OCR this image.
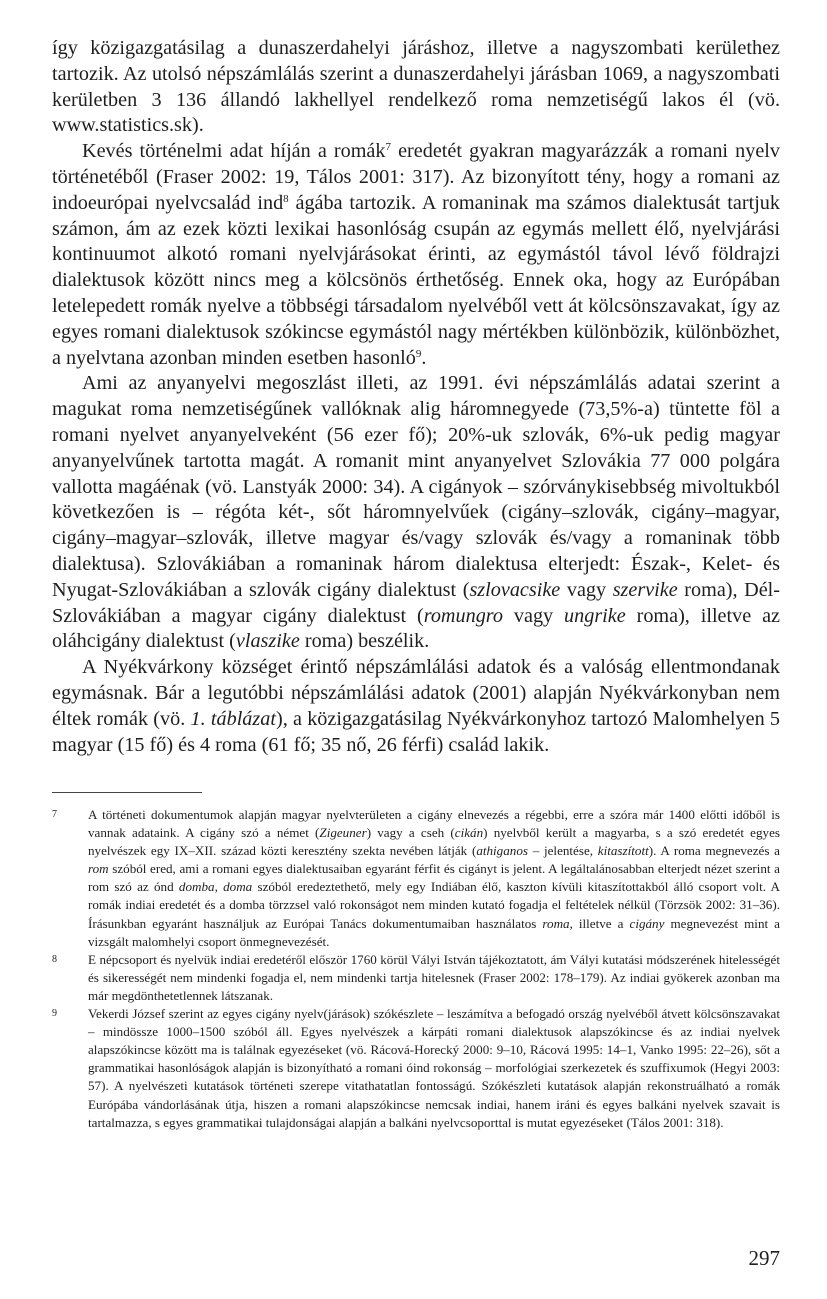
így közigazgatásilag a dunaszerdahelyi járáshoz, illetve a nagyszombati kerülethez tartozik. Az utolsó népszámlálás szerint a dunaszerdahelyi járásban 1069, a nagyszombati kerületben 3 136 állandó lakhellyel rendelkező roma nemzetiségű lakos él (vö. www.statistics.sk).

Kevés történelmi adat híján a romák$^7$ eredetét gyakran magyarázzák a romani nyelv történetéből (Fraser 2002: 19, Tálos 2001: 317). Az bizonyított tény, hogy a romani az indoeurópai nyelvcsalád ind$^8$ ágába tartozik. A romaninak ma számos dialektusát tartjuk számon, ám az ezek közti lexikai hasonlóság csupán az egymás mellett élő, nyelvjárási kontinuumot alkotó romani nyelvjárásokat érinti, az egymástól távol lévő földrajzi dialektusok között nincs meg a kölcsönös érthetőség. Ennek oka, hogy az Európában letelepedett romák nyelve a többségi társadalom nyelvéből vett át kölcsönszavakat, így az egyes romani dialektusok szókincse egymástól nagy mértékben különbözik, különbözhet, a nyelvtana azonban minden esetben hasonló$^9$.

Ami az anyanyelvi megoszlást illeti, az 1991. évi népszámlálás adatai szerint a magukat roma nemzetiségűnek vallóknak alig háromnegyede (73,5%-a) tüntette föl a romani nyelvet anyanyelveként (56 ezer fő); 20%-uk szlovák, 6%-uk pedig magyar anyanyelvűnek tartotta magát. A romanit mint anyanyelvet Szlovákia 77 000 polgára vallotta magáénak (vö. Lanstyák 2000: 34). A cigányok – szórványkisebbség mivoltukból következően is – régóta két-, sőt háromnyelvűek (cigány–szlovák, cigány–magyar, cigány–magyar–szlovák, illetve magyar és/vagy szlovák és/vagy a romaninak több dialektusa). Szlovákiában a romaninak három dialektusa elterjedt: Észak-, Kelet- és Nyugat-Szlovákiában a szlovák cigány dialektust (szlovacsike vagy szervike roma), Dél-Szlovákiában a magyar cigány dialektust (romungro vagy ungrike roma), illetve az oláhcigány dialektust (vlaszike roma) beszélik.

A Nyékvárkony községet érintő népszámlálási adatok és a valóság ellentmondanak egymásnak. Bár a legutóbbi népszámlálási adatok (2001) alapján Nyékvárkonyban nem éltek romák (vö. 1. táblázat), a közigazgatásilag Nyékvárkonyhoz tartozó Malomhelyen 5 magyar (15 fő) és 4 roma (61 fő; 35 nő, 26 férfi) család lakik.

7 A történeti dokumentumok alapján magyar nyelvterületen a cigány elnevezés a régebbi, erre a szóra már 1400 előtti időből is vannak adataink. A cigány szó a német (Zigeuner) vagy a cseh (cikán) nyelvből került a magyarba, s a szó eredetét egyes nyelvészek egy IX–XII. század közti keresztény szekta nevében látják (athiganos – jelentése, kitaszított). A roma megnevezés a rom szóból ered, ami a romani egyes dialektusaiban egyaránt férfit és cigányt is jelent. A legáltalánosabban elterjedt nézet szerint a rom szó az ónd domba, doma szóból eredeztethető, mely egy Indiában élő, kaszton kívüli kitaszítottakból álló csoport volt. A romák indiai eredetét és a domba törzzsel való rokonságot nem minden kutató fogadja el feltételek nélkül (Törzsök 2002: 31–36). Írásunkban egyaránt használjuk az Európai Tanács dokumentumaiban használatos roma, illetve a cigány megnevezést mint a vizsgált malomhelyi csoport önmegnevezését.

8 E népcsoport és nyelvük indiai eredetéről először 1760 körül Vályi István tájékoztatott, ám Vályi kutatási módszerének hitelességét és sikerességét nem mindenki fogadja el, nem mindenki tartja hitelesnek (Fraser 2002: 178–179). Az indiai gyökerek azonban ma már megdönthetetlennek látszanak.

9 Vekerdi József szerint az egyes cigány nyelv(járások) szókészlete – leszámítva a befogadó ország nyelvéből átvett kölcsönszavakat – mindössze 1000–1500 szóból áll. Egyes nyelvészek a kárpáti romani dialektusok alapszókincse és az indiai nyelvek alapszókincse között ma is találnak egyezéseket (vö. Rácová-Horecký 2000: 9–10, Rácová 1995: 14–1, Vanko 1995: 22–26), sőt a grammatikai hasonlóságok alapján is bizonyítható a romani óind rokonság – morfológiai szerkezetek és szuffixumok (Hegyi 2003: 57). A nyelvészeti kutatások történeti szerepe vitathatatlan fontosságú. Szókészleti kutatások alapján rekonstruálható a romák Európába vándorlásának útja, hiszen a romani alapszókincse nemcsak indiai, hanem iráni és egyes balkáni nyelvek szavait is tartalmazza, s egyes grammatikai tulajdonságai alapján a balkáni nyelvcsoporttal is mutat egyezéseket (Tálos 2001: 318).

297
